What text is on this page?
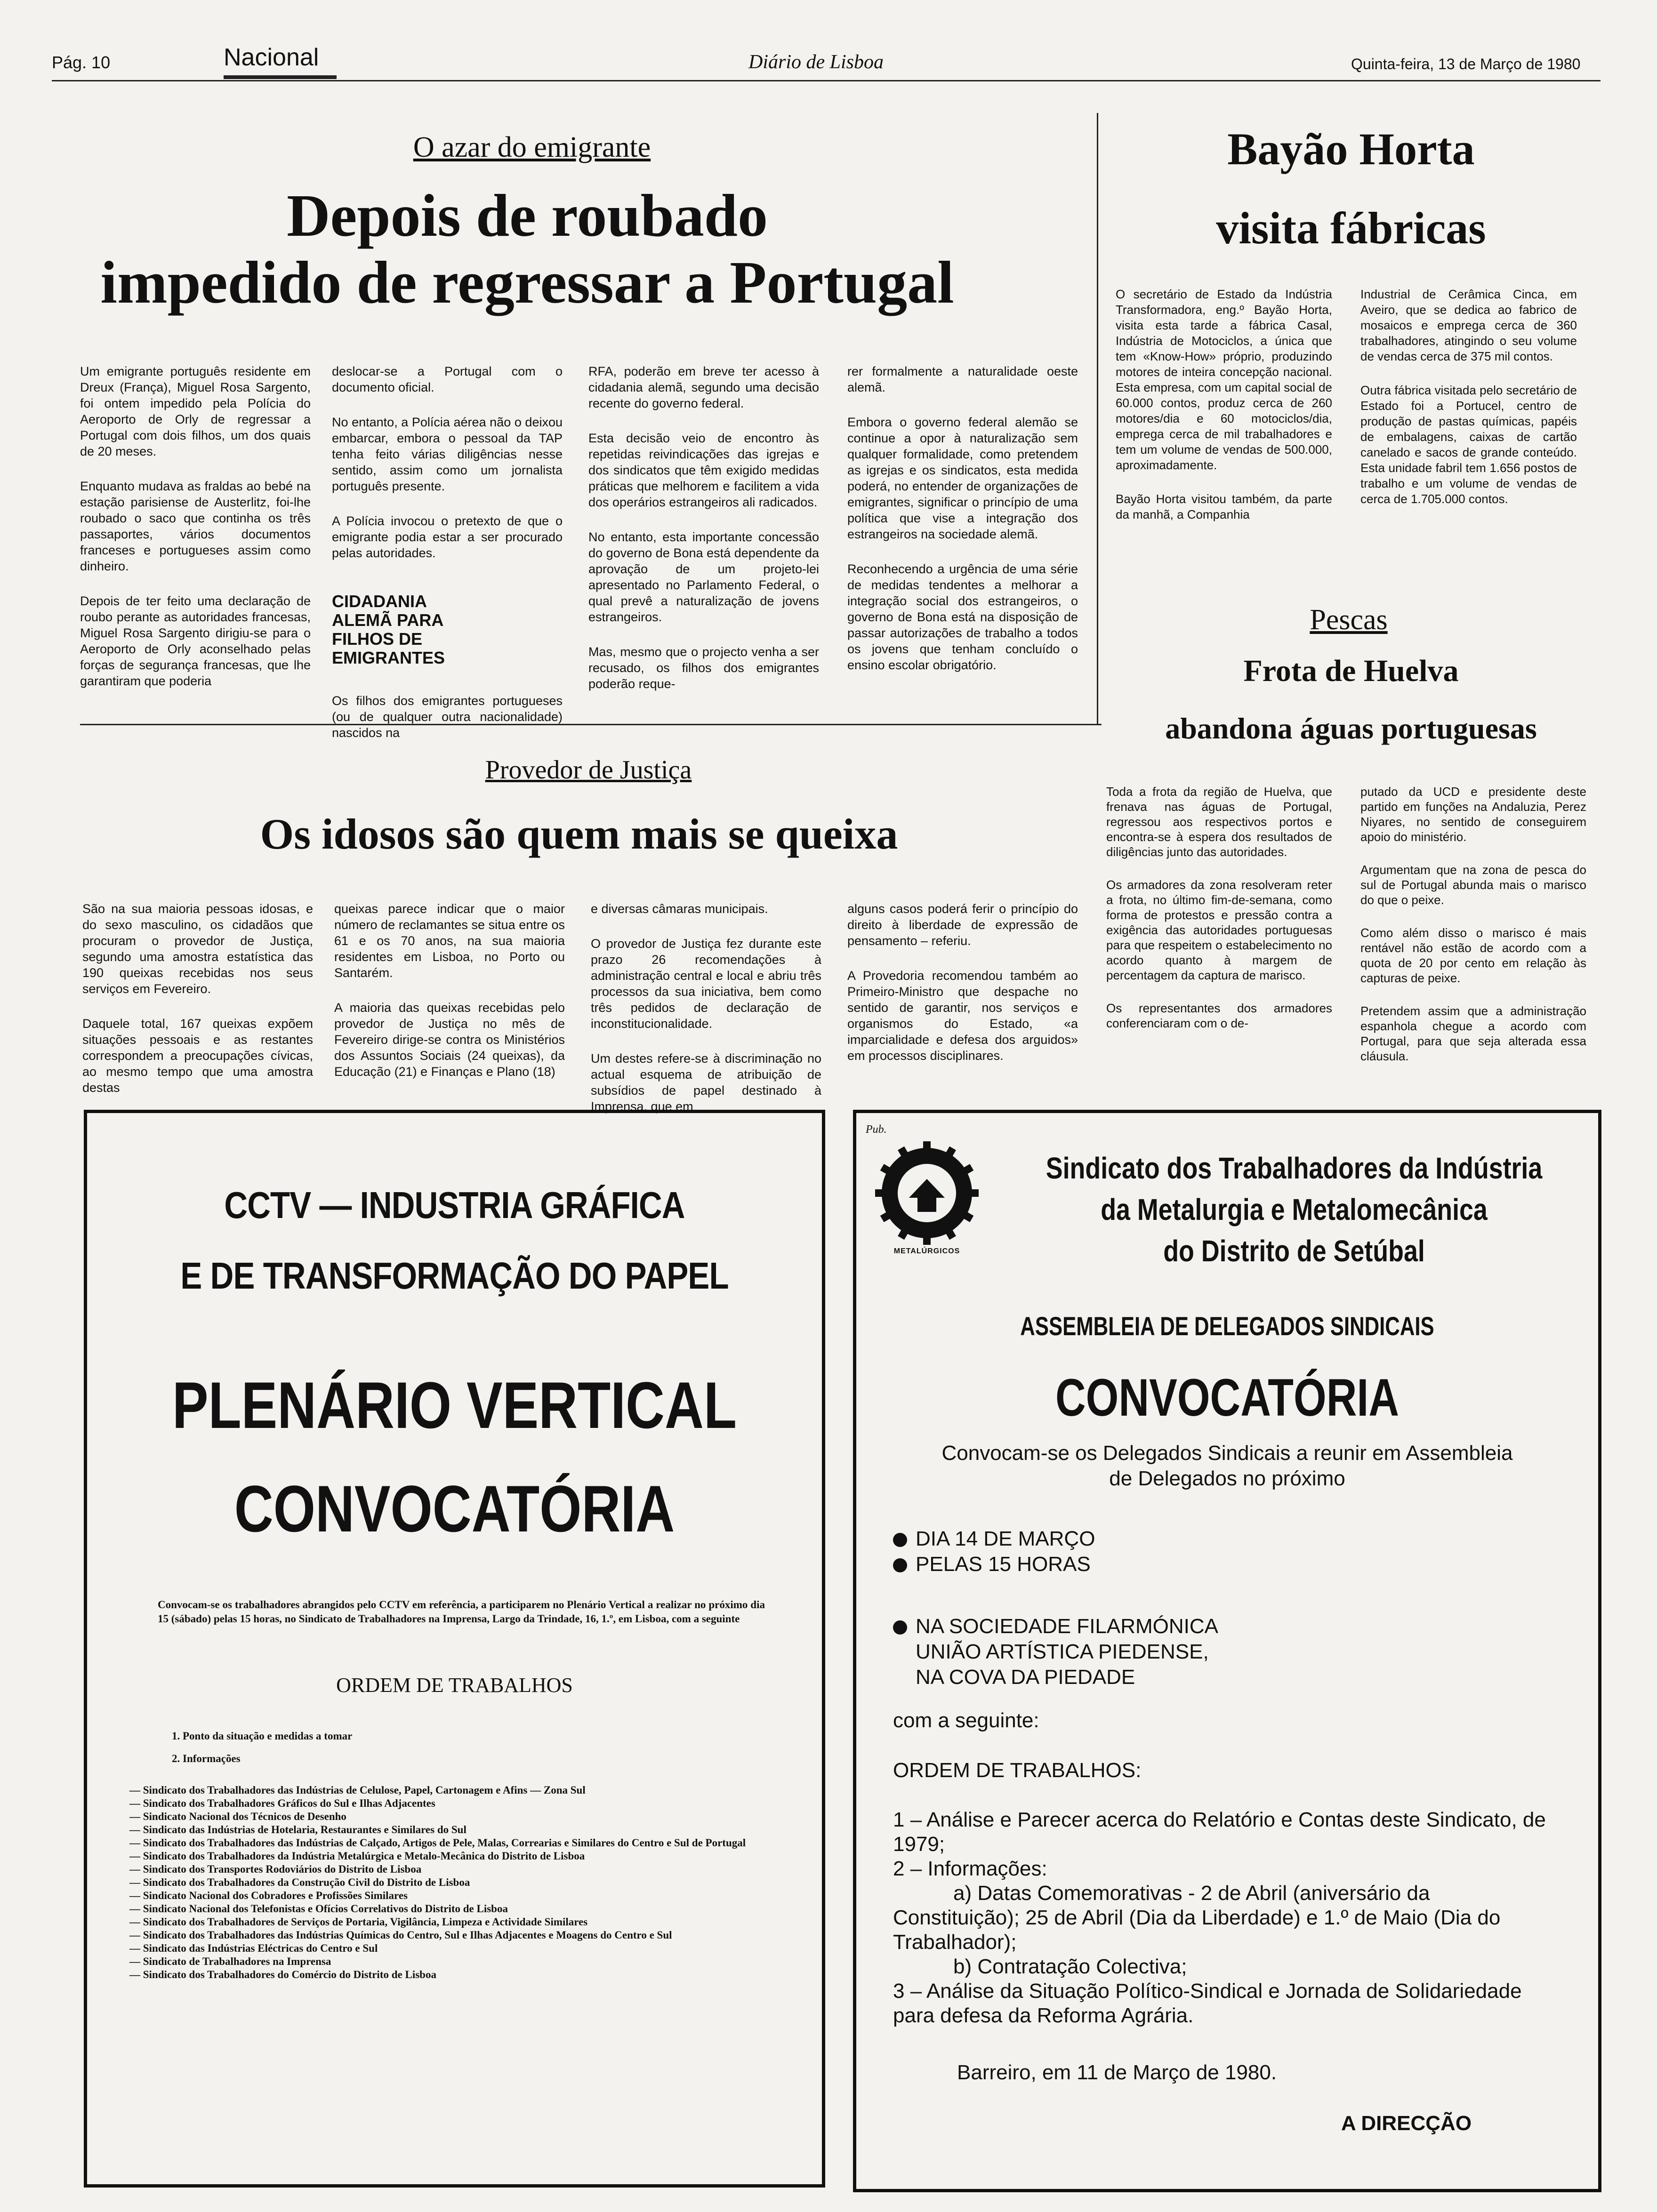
Pág. 10	Nacional	Diário de Lisboa	Quinta-feira, 13 de Março de 1980
O azar do emigrante
Depois de roubado
impedido de regressar a Portugal

Um emigrante português residente em Dreux (França), Miguel Rosa Sargento, foi ontem impedido pela Polícia do Aeroporto de Orly de regressar a Portugal com dois filhos, um dos quais de 20 meses.

Enquanto mudava as fraldas ao bebé na estação parisiense de Austerlitz, foi-lhe roubado o saco que continha os três passaportes, vários documentos franceses e portugueses assim como dinheiro.

Depois de ter feito uma declaração de roubo perante as autoridades francesas, Miguel Rosa Sargento dirigiu-se para o Aeroporto de Orly aconselhado pelas forças de segurança francesas, que lhe garantiram que poderia

deslocar-se a Portugal com o documento oficial.

No entanto, a Polícia aérea não o deixou embarcar, embora o pessoal da TAP tenha feito várias diligências nesse sentido, assim como um jornalista português presente.

A Polícia invocou o pretexto de que o emigrante podia estar a ser procurado pelas autoridades.

CIDADANIA
ALEMÃ PARA
FILHOS DE
EMIGRANTES

Os filhos dos emigrantes portugueses (ou de qualquer outra nacionalidade) nascidos na

RFA, poderão em breve ter acesso à cidadania alemã, segundo uma decisão recente do governo federal.

Esta decisão veio de encontro às repetidas reivindicações das igrejas e dos sindicatos que têm exigido medidas práticas que melhorem e facilitem a vida dos operários estrangeiros ali radicados.

No entanto, esta importante concessão do governo de Bona está dependente da aprovação de um projeto-lei apresentado no Parlamento Federal, o qual prevê a naturalização de jovens estrangeiros.

Mas, mesmo que o projecto venha a ser recusado, os filhos dos emigrantes poderão reque-

rer formalmente a naturalidade oeste alemã.

Embora o governo federal alemão se continue a opor à naturalização sem qualquer formalidade, como pretendem as igrejas e os sindicatos, esta medida poderá, no entender de organizações de emigrantes, significar o princípio de uma política que vise a integração dos estrangeiros na sociedade alemã.

Reconhecendo a urgência de uma série de medidas tendentes a melhorar a integração social dos estrangeiros, o governo de Bona está na disposição de passar autorizações de trabalho a todos os jovens que tenham concluído o ensino escolar obrigatório.

Bayão Horta
visita fábricas

O secretário de Estado da Indústria Transformadora, eng.º Bayão Horta, visita esta tarde a fábrica Casal, Indústria de Motociclos, a única que tem «Know-How» próprio, produzindo motores de inteira concepção nacional. Esta empresa, com um capital social de 60.000 contos, produz cerca de 260 motores/dia e 60 motociclos/dia, emprega cerca de mil trabalhadores e tem um volume de vendas de 500.000, aproximadamente.

Bayão Horta visitou também, da parte da manhã, a Companhia

Industrial de Cerâmica Cinca, em Aveiro, que se dedica ao fabrico de mosaicos e emprega cerca de 360 trabalhadores, atingindo o seu volume de vendas cerca de 375 mil contos.

Outra fábrica visitada pelo secretário de Estado foi a Portucel, centro de produção de pastas químicas, papéis de embalagens, caixas de cartão canelado e sacos de grande conteúdo. Esta unidade fabril tem 1.656 postos de trabalho e um volume de vendas de cerca de 1.705.000 contos.

Pescas
Frota de Huelva
abandona águas portuguesas

Toda a frota da região de Huelva, que frenava nas águas de Portugal, regressou aos respectivos portos e encontra-se à espera dos resultados de diligências junto das autoridades.

Os armadores da zona resolveram reter a frota, no último fim-de-semana, como forma de protestos e pressão contra a exigência das autoridades portuguesas para que respeitem o estabelecimento no acordo quanto à margem de percentagem da captura de marisco.

Os representantes dos armadores conferenciaram com o de-

putado da UCD e presidente deste partido em funções na Andaluzia, Perez Niyares, no sentido de conseguirem apoio do ministério.

Argumentam que na zona de pesca do sul de Portugal abunda mais o marisco do que o peixe.

Como além disso o marisco é mais rentável não estão de acordo com a quota de 20 por cento em relação às capturas de peixe.

Pretendem assim que a administração espanhola chegue a acordo com Portugal, para que seja alterada essa cláusula.

Provedor de Justiça
Os idosos são quem mais se queixa

São na sua maioria pessoas idosas, e do sexo masculino, os cidadãos que procuram o provedor de Justiça, segundo uma amostra estatística das 190 queixas recebidas nos seus serviços em Fevereiro.

Daquele total, 167 queixas expõem situações pessoais e as restantes correspondem a preocupações cívicas, ao mesmo tempo que uma amostra destas

queixas parece indicar que o maior número de reclamantes se situa entre os 61 e os 70 anos, na sua maioria residentes em Lisboa, no Porto ou Santarém.

A maioria das queixas recebidas pelo provedor de Justiça no mês de Fevereiro dirige-se contra os Ministérios dos Assuntos Sociais (24 queixas), da Educação (21) e Finanças e Plano (18)

e diversas câmaras municipais.

O provedor de Justiça fez durante este prazo 26 recomendações à administração central e local e abriu três processos da sua iniciativa, bem como três pedidos de declaração de inconstitucionalidade.

Um destes refere-se à discriminação no actual esquema de atribuição de subsídios de papel destinado à Imprensa, que em

alguns casos poderá ferir o princípio do direito à liberdade de expressão de pensamento – referiu.

A Provedoria recomendou também ao Primeiro-Ministro que despache no sentido de garantir, nos serviços e organismos do Estado, «a imparcialidade e defesa dos arguidos» em processos disciplinares.

CCTV — INDUSTRIA GRÁFICA
E DE TRANSFORMAÇÃO DO PAPEL
PLENÁRIO VERTICAL
CONVOCATÓRIA
Convocam-se os trabalhadores abrangidos pelo CCTV em referência, a participarem no Plenário Vertical a realizar no próximo dia 15 (sábado) pelas 15 horas, no Sindicato de Trabalhadores na Imprensa, Largo da Trindade, 16, 1.º, em Lisboa, com a seguinte
ORDEM DE TRABALHOS
1. Ponto da situação e medidas a tomar
2. Informações
— Sindicato dos Trabalhadores das Indústrias de Celulose, Papel, Cartonagem e Afins — Zona Sul
— Sindicato dos Trabalhadores Gráficos do Sul e Ilhas Adjacentes
— Sindicato Nacional dos Técnicos de Desenho
— Sindicato das Indústrias de Hotelaria, Restaurantes e Similares do Sul
— Sindicato dos Trabalhadores das Indústrias de Calçado, Artigos de Pele, Malas, Correarias e Similares do Centro e Sul de Portugal
— Sindicato dos Trabalhadores da Indústria Metalúrgica e Metalo-Mecânica do Distrito de Lisboa
— Sindicato dos Transportes Rodoviários do Distrito de Lisboa
— Sindicato dos Trabalhadores da Construção Civil do Distrito de Lisboa
— Sindicato Nacional dos Cobradores e Profissões Similares
— Sindicato Nacional dos Telefonistas e Ofícios Correlativos do Distrito de Lisboa
— Sindicato dos Trabalhadores de Serviços de Portaria, Vigilância, Limpeza e Actividade Similares
— Sindicato dos Trabalhadores das Indústrias Químicas do Centro, Sul e Ilhas Adjacentes e Moagens do Centro e Sul
— Sindicato das Indústrias Eléctricas do Centro e Sul
— Sindicato de Trabalhadores na Imprensa
— Sindicato dos Trabalhadores do Comércio do Distrito de Lisboa
Pub.
METALÚRGICOS
Sindicato dos Trabalhadores da Indústria
da Metalurgia e Metalomecânica
do Distrito de Setúbal
ASSEMBLEIA DE DELEGADOS SINDICAIS
CONVOCATÓRIA
Convocam-se os Delegados Sindicais a reunir em Assembleia
de Delegados no próximo
DIA 14 DE MARÇO
PELAS 15 HORAS
NA SOCIEDADE FILARMÓNICA
UNIÃO ARTÍSTICA PIEDENSE,
NA COVA DA PIEDADE
com a seguinte:
ORDEM DE TRABALHOS:
1 – Análise e Parecer acerca do Relatório e Contas deste Sindicato, de 1979;
2 – Informações:
a) Datas Comemorativas - 2 de Abril (aniversário da Constituição); 25 de Abril (Dia da Liberdade) e 1.º de Maio (Dia do Trabalhador);
b) Contratação Colectiva;
3 – Análise da Situação Político-Sindical e Jornada de Solidariedade para defesa da Reforma Agrária.
Barreiro, em 11 de Março de 1980.
A DIRECÇÃO
